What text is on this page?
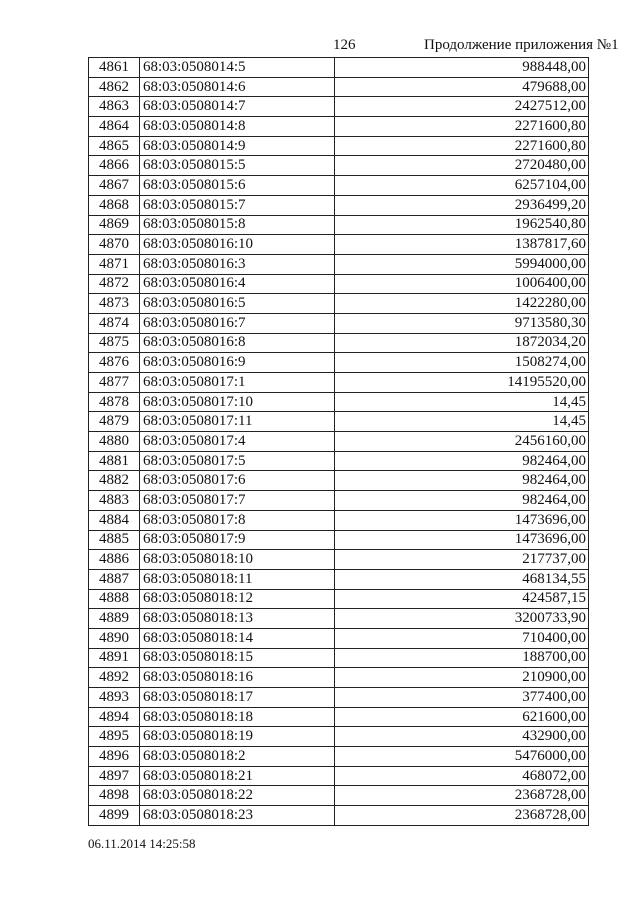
126	Продолжение приложения №1
4861	68:03:0508014:5	988448,00
4862	68:03:0508014:6	479688,00
4863	68:03:0508014:7	2427512,00
4864	68:03:0508014:8	2271600,80
4865	68:03:0508014:9	2271600,80
4866	68:03:0508015:5	2720480,00
4867	68:03:0508015:6	6257104,00
4868	68:03:0508015:7	2936499,20
4869	68:03:0508015:8	1962540,80
4870	68:03:0508016:10	1387817,60
4871	68:03:0508016:3	5994000,00
4872	68:03:0508016:4	1006400,00
4873	68:03:0508016:5	1422280,00
4874	68:03:0508016:7	9713580,30
4875	68:03:0508016:8	1872034,20
4876	68:03:0508016:9	1508274,00
4877	68:03:0508017:1	14195520,00
4878	68:03:0508017:10	14,45
4879	68:03:0508017:11	14,45
4880	68:03:0508017:4	2456160,00
4881	68:03:0508017:5	982464,00
4882	68:03:0508017:6	982464,00
4883	68:03:0508017:7	982464,00
4884	68:03:0508017:8	1473696,00
4885	68:03:0508017:9	1473696,00
4886	68:03:0508018:10	217737,00
4887	68:03:0508018:11	468134,55
4888	68:03:0508018:12	424587,15
4889	68:03:0508018:13	3200733,90
4890	68:03:0508018:14	710400,00
4891	68:03:0508018:15	188700,00
4892	68:03:0508018:16	210900,00
4893	68:03:0508018:17	377400,00
4894	68:03:0508018:18	621600,00
4895	68:03:0508018:19	432900,00
4896	68:03:0508018:2	5476000,00
4897	68:03:0508018:21	468072,00
4898	68:03:0508018:22	2368728,00
4899	68:03:0508018:23	2368728,00
06.11.2014 14:25:58
